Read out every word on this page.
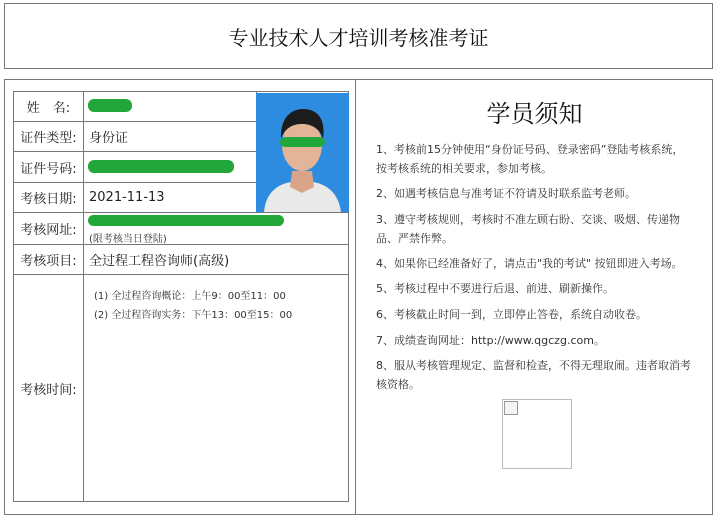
专业技术人才培训考核准考证
姓　名:
证件类型: 身份证
证件号码:
考核日期: 2021-11-13
考核网址:
(限考核当日登陆)
考核项目: 全过程工程咨询师(高级)
考核时间:
(1) 全过程咨询概论：上午9：00至11：00
(2) 全过程咨询实务：下午13：00至15：00
学员须知
1、考核前15分钟使用“身份证号码、登录密码”登陆考核系统，按考核系统的相关要求，参加考核。
2、如遇考核信息与准考证不符请及时联系监考老师。
3、遵守考核规则，考核时不准左顾右盼、交谈、吸烟、传递物品、严禁作弊。
4、如果你已经准备好了，请点击"我的考试" 按钮即进入考场。
5、考核过程中不要进行后退、前进、刷新操作。
6、考核截止时间一到，立即停止答卷，系统自动收卷。
7、成绩查询网址：http://www.qgczg.com。
8、服从考核管理规定、监督和检查，不得无理取闹。违者取消考核资格。
